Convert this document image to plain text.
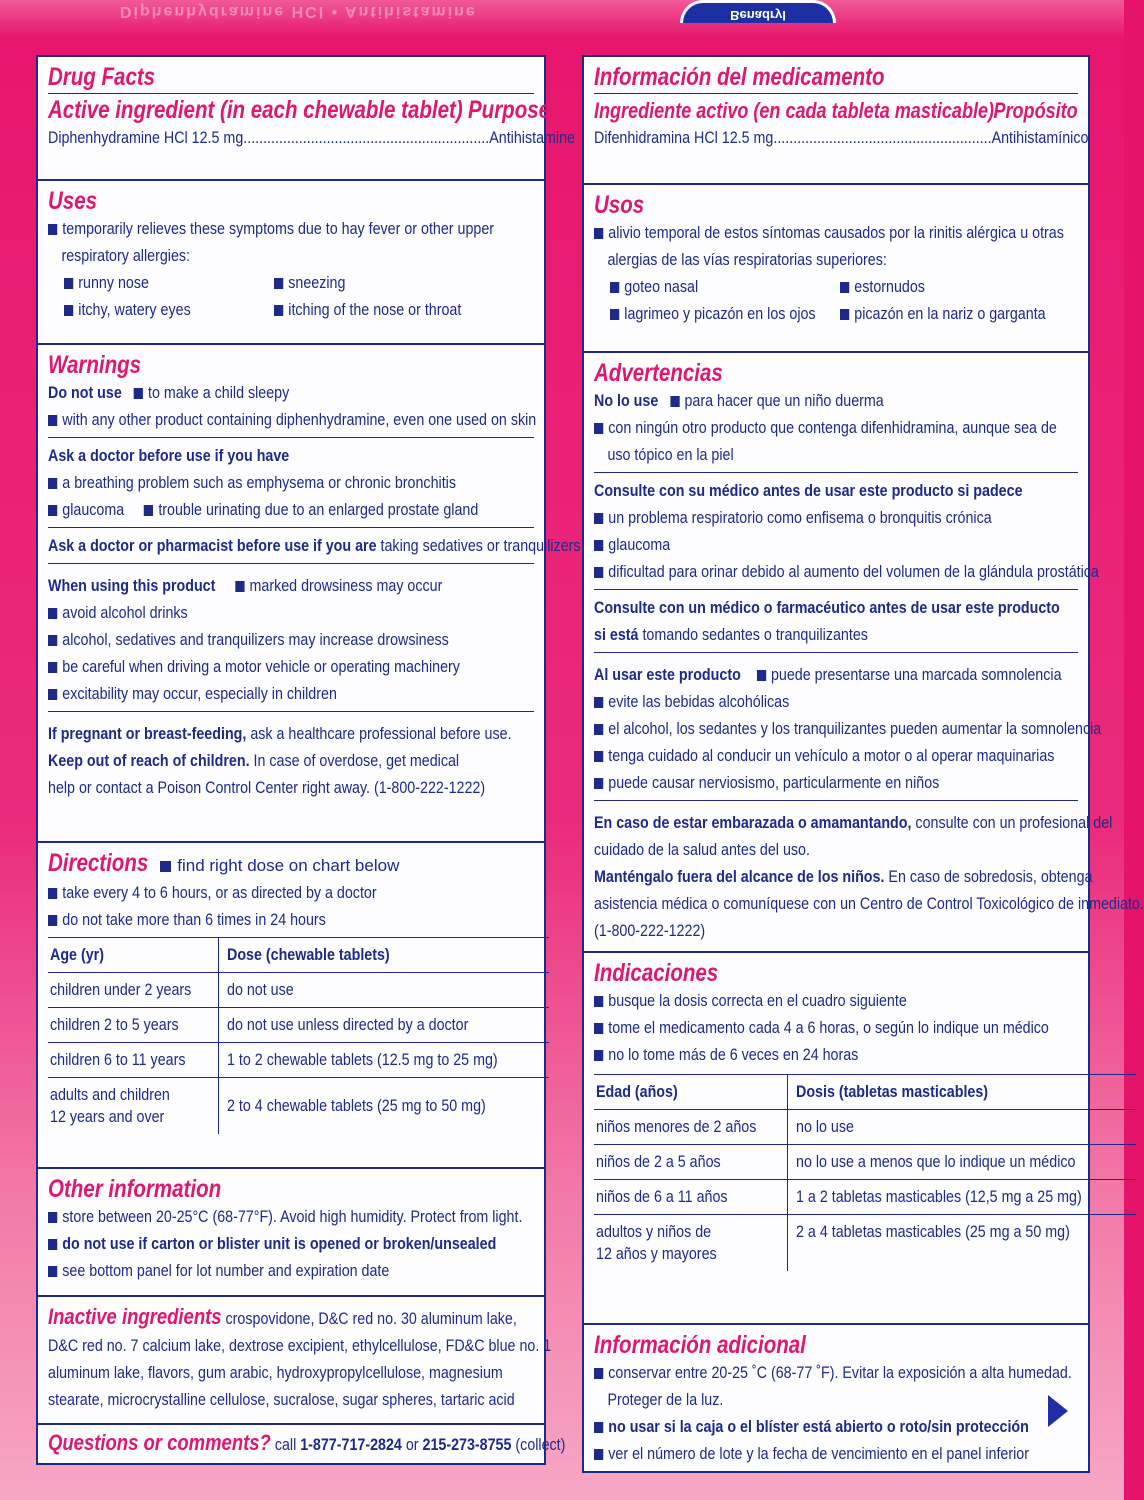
Diphenhydramine HCl • Antihistamine	Benadryl
Drug Facts
Active ingredient (in each chewable tablet) Purpose
Diphenhydramine HCl 12.5 mg..............................................................Antihistamine
Uses
temporarily relieves these symptoms due to hay fever or other upper
respiratory allergies:
runny nose
itchy, watery eyes
sneezing
itching of the nose or throat
Warnings
Do not use to make a child sleepy
with any other product containing diphenhydramine, even one used on skin
Ask a doctor before use if you have
a breathing problem such as emphysema or chronic bronchitis
glaucoma trouble urinating due to an enlarged prostate gland
Ask a doctor or pharmacist before use if you are taking sedatives or tranquilizers
When using this product marked drowsiness may occur
avoid alcohol drinks
alcohol, sedatives and tranquilizers may increase drowsiness
be careful when driving a motor vehicle or operating machinery
excitability may occur, especially in children
If pregnant or breast-feeding, ask a healthcare professional before use.
Keep out of reach of children. In case of overdose, get medical
help or contact a Poison Control Center right away. (1-800-222-1222)
Directions find right dose on chart below
take every 4 to 6 hours, or as directed by a doctor
do not take more than 6 times in 24 hours
Age (yr)	Dose (chewable tablets)
children under 2 years	do not use
children 2 to 5 years	do not use unless directed by a doctor
children 6 to 11 years	1 to 2 chewable tablets (12.5 mg to 25 mg)
adults and children
12 years and over	2 to 4 chewable tablets (25 mg to 50 mg)
Other information
store between 20-25°C (68-77°F). Avoid high humidity. Protect from light.
do not use if carton or blister unit is opened or broken/unsealed
see bottom panel for lot number and expiration date
Inactive ingredients crospovidone, D&C red no. 30 aluminum lake,
D&C red no. 7 calcium lake, dextrose excipient, ethylcellulose, FD&C blue no. 1
aluminum lake, flavors, gum arabic, hydroxypropylcellulose, magnesium
stearate, microcrystalline cellulose, sucralose, sugar spheres, tartaric acid
Questions or comments? call 1-877-717-2824 or 215-273-8755 (collect)
Información del medicamento
Ingrediente activo (en cada tableta masticable) Propósito
Difenhidramina HCl 12.5 mg.......................................................Antihistamínico
Usos
alivio temporal de estos síntomas causados por la rinitis alérgica u otras
alergias de las vías respiratorias superiores:
goteo nasal
lagrimeo y picazón en los ojos
estornudos
picazón en la nariz o garganta
Advertencias
No lo use para hacer que un niño duerma
con ningún otro producto que contenga difenhidramina, aunque sea de
uso tópico en la piel
Consulte con su médico antes de usar este producto si padece
un problema respiratorio como enfisema o bronquitis crónica
glaucoma
dificultad para orinar debido al aumento del volumen de la glándula prostática
Consulte con un médico o farmacéutico antes de usar este producto
si está tomando sedantes o tranquilizantes
Al usar este producto puede presentarse una marcada somnolencia
evite las bebidas alcohólicas
el alcohol, los sedantes y los tranquilizantes pueden aumentar la somnolencia
tenga cuidado al conducir un vehículo a motor o al operar maquinarias
puede causar nerviosismo, particularmente en niños
En caso de estar embarazada o amamantando, consulte con un profesional del
cuidado de la salud antes del uso.
Manténgalo fuera del alcance de los niños. En caso de sobredosis, obtenga
asistencia médica o comuníquese con un Centro de Control Toxicológico de inmediato.
(1-800-222-1222)
Indicaciones
busque la dosis correcta en el cuadro siguiente
tome el medicamento cada 4 a 6 horas, o según lo indique un médico
no lo tome más de 6 veces en 24 horas
Edad (años)	Dosis (tabletas masticables)
niños menores de 2 años	no lo use
niños de 2 a 5 años	no lo use a menos que lo indique un médico
niños de 6 a 11 años	1 a 2 tabletas masticables (12,5 mg a 25 mg)
adultos y niños de
12 años y mayores	2 a 4 tabletas masticables (25 mg a 50 mg)
Información adicional
conservar entre 20-25 ˚C (68-77 ˚F). Evitar la exposición a alta humedad.
Proteger de la luz.
no usar si la caja o el blíster está abierto o roto/sin protección
ver el número de lote y la fecha de vencimiento en el panel inferior
